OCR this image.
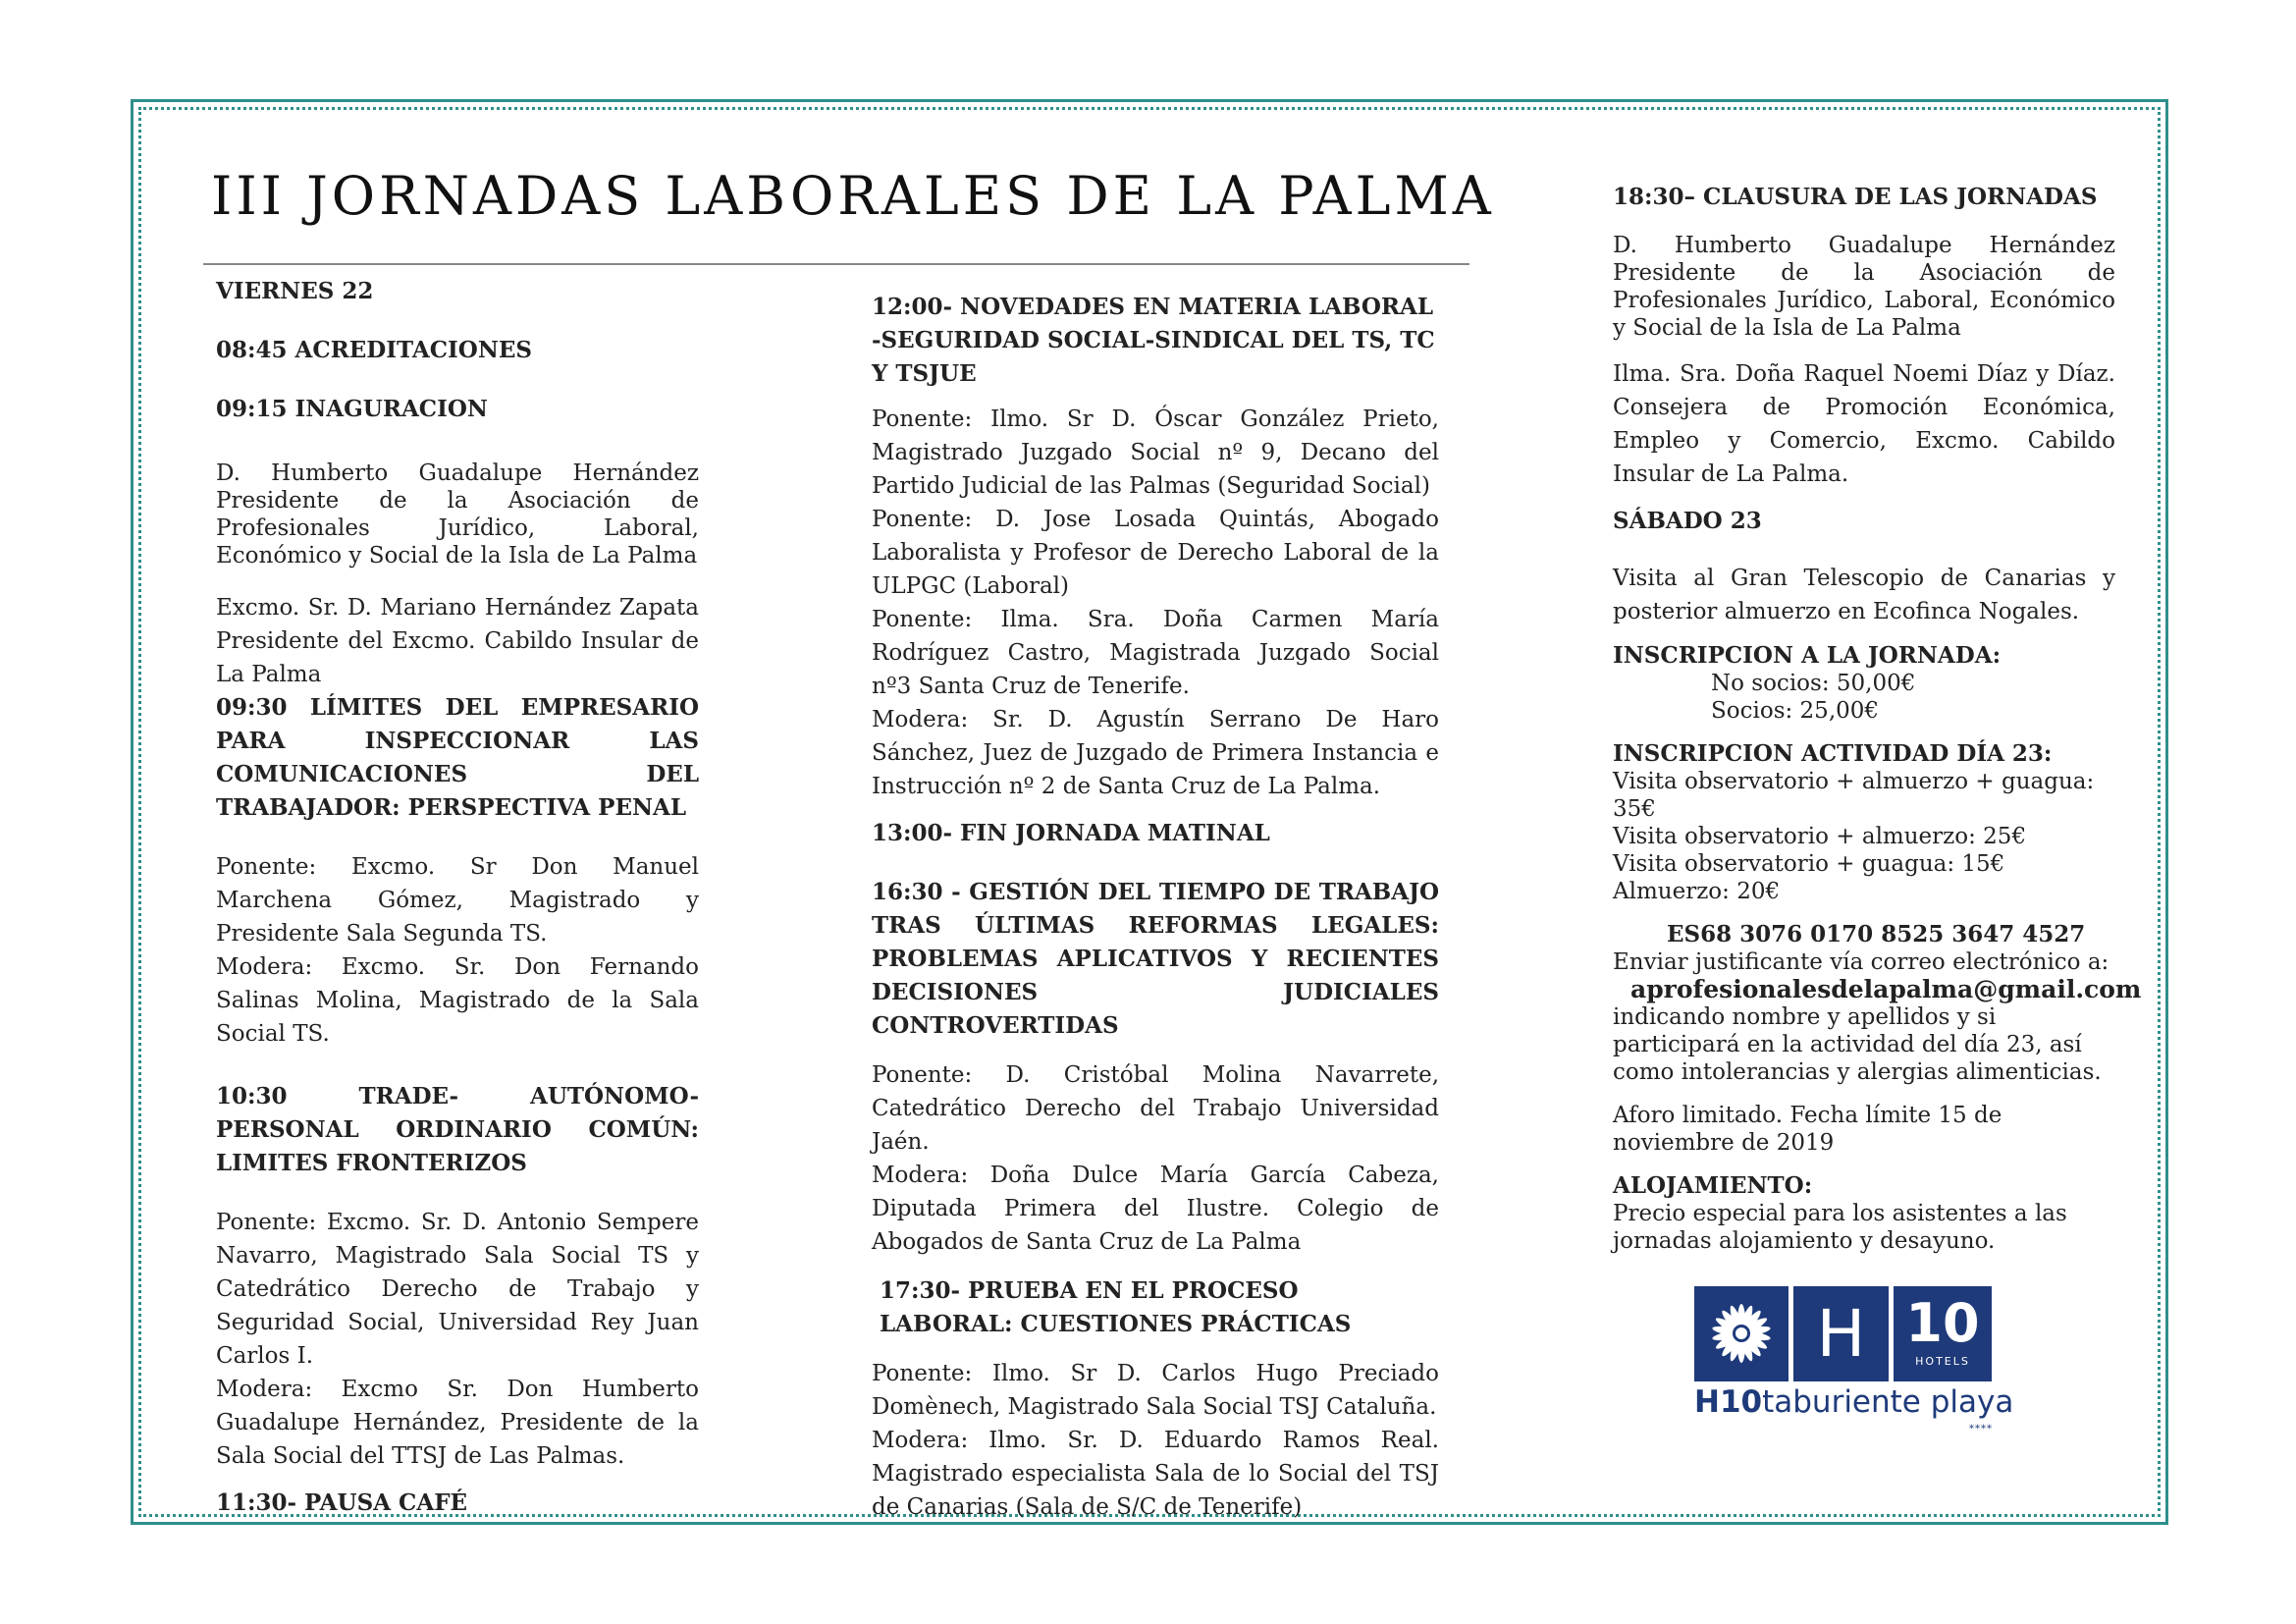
III JORNADAS LABORALES DE LA PALMA

VIERNES 22

08:45 ACREDITACIONES

09:15 INAGURACION

D. Humberto Guadalupe Hernández Presidente de la Asociación de Profesionales Jurídico, Laboral, Económico y Social de la Isla de La Palma

Excmo. Sr. D. Mariano Hernández Zapata Presidente del Excmo. Cabildo Insular de La Palma

09:30 LÍMITES DEL EMPRESARIO PARA INSPECCIONAR LAS COMUNICACIONES DEL TRABAJADOR: PERSPECTIVA PENAL

Ponente: Excmo. Sr Don Manuel Marchena Gómez, Magistrado y Presidente Sala Segunda TS.

Modera: Excmo. Sr. Don Fernando Salinas Molina, Magistrado de la Sala Social TS.

10:30 TRADE- AUTÓNOMO-PERSONAL ORDINARIO COMÚN: LIMITES FRONTERIZOS

Ponente: Excmo. Sr. D. Antonio Sempere Navarro, Magistrado Sala Social TS y Catedrático Derecho de Trabajo y Seguridad Social, Universidad Rey Juan Carlos I.

Modera: Excmo Sr. Don Humberto Guadalupe Hernández, Presidente de la Sala Social del TTSJ de Las Palmas.

11:30- PAUSA CAFÉ

12:00- NOVEDADES EN MATERIA LABORAL -SEGURIDAD SOCIAL-SINDICAL DEL TS, TC Y TSJUE

Ponente: Ilmo. Sr D. Óscar González Prieto, Magistrado Juzgado Social nº 9, Decano del Partido Judicial de las Palmas (Seguridad Social)

Ponente: D. Jose Losada Quintás, Abogado Laboralista y Profesor de Derecho Laboral de la ULPGC (Laboral)

Ponente: Ilma. Sra. Doña Carmen María Rodríguez Castro, Magistrada Juzgado Social nº3 Santa Cruz de Tenerife.

Modera: Sr. D. Agustín Serrano De Haro Sánchez, Juez de Juzgado de Primera Instancia e Instrucción nº 2 de Santa Cruz de La Palma.

13:00- FIN JORNADA MATINAL

16:30 - GESTIÓN DEL TIEMPO DE TRABAJO TRAS ÚLTIMAS REFORMAS LEGALES: PROBLEMAS APLICATIVOS Y RECIENTES DECISIONES JUDICIALES CONTROVERTIDAS

Ponente: D. Cristóbal Molina Navarrete, Catedrático Derecho del Trabajo Universidad Jaén.

Modera: Doña Dulce María García Cabeza, Diputada Primera del Ilustre. Colegio de Abogados de Santa Cruz de La Palma

17:30- PRUEBA EN EL PROCESO LABORAL: CUESTIONES PRÁCTICAS

Ponente: Ilmo. Sr D. Carlos Hugo Preciado Domènech, Magistrado Sala Social TSJ Cataluña.

Modera: Ilmo. Sr. D. Eduardo Ramos Real. Magistrado especialista Sala de lo Social del TSJ de Canarias (Sala de S/C de Tenerife)

18:30– CLAUSURA DE LAS JORNADAS

D. Humberto Guadalupe Hernández Presidente de la Asociación de Profesionales Jurídico, Laboral, Económico y Social de la Isla de La Palma

Ilma. Sra. Doña Raquel Noemi Díaz y Díaz. Consejera de Promoción Económica, Empleo y Comercio, Excmo. Cabildo Insular de La Palma.

SÁBADO 23

Visita al Gran Telescopio de Canarias y posterior almuerzo en Ecofinca Nogales.

INSCRIPCION A LA JORNADA:

No socios: 50,00€

Socios: 25,00€

INSCRIPCION ACTIVIDAD DÍA 23:

Visita observatorio + almuerzo + guagua: 35€

Visita observatorio + almuerzo: 25€

Visita observatorio + guagua: 15€

Almuerzo: 20€

ES68 3076 0170 8525 3647 4527

Enviar justificante vía correo electrónico a:

aprofesionalesdelapalma@gmail.com

indicando nombre y apellidos y si participará en la actividad del día 23, así como intolerancias y alergias alimenticias.

Aforo limitado. Fecha límite 15 de noviembre de 2019

ALOJAMIENTO:

Precio especial para los asistentes a las jornadas alojamiento y desayuno.

H 10
HOTELS
H10taburiente playa
****
